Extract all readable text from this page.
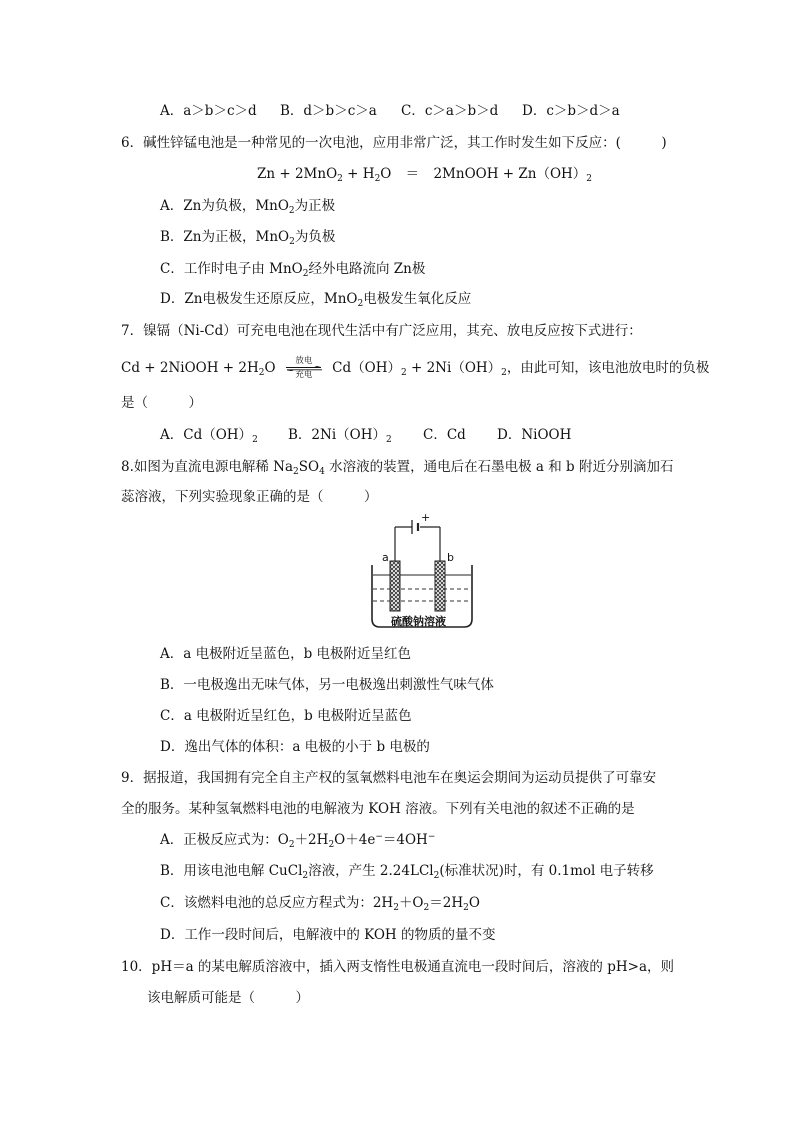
A．a＞b＞c＞d B．d＞b＞c＞a C．c＞a＞b＞d D．c＞b＞d＞a
6．碱性锌锰电池是一种常见的一次电池，应用非常广泛，其工作时发生如下反应：(　　　)
$Zn + 2MnO_2 + H_2O$ ＝ 2MnOOH + $Zn(OH)_2$
A．Zn为负极，MnO$_2$为正极
B．Zn为正极，MnO$_2$为负极
C．工作时电子由 MnO$_2$经外电路流向 Zn极
D．Zn电极发生还原反应，MnO$_2$电极发生氧化反应
7．镍镉（Ni-Cd）可充电电池在现代生活中有广泛应用，其充、放电反应按下式进行：
Cd + 2NiOOH + $2H_2O$	放电
充电	$Cd(OH)_2 + 2Ni(OH)_2$，由此可知，该电池放电时的负极
是（　　　）
A．$Cd(OH)_2$ B．$2Ni(OH)_2$ C．Cd D．NiOOH
8.如图为直流电源电解稀 $Na_2SO_4$ 水溶液的装置，通电后在石墨电极 a 和 b 附近分别滴加石
蕊溶液，下列实验现象正确的是（　　　）
+
a	b
硫酸钠溶液
A．a 电极附近呈蓝色，b 电极附近呈红色
B．一电极逸出无味气体，另一电极逸出刺激性气味气体
C．a 电极附近呈红色，b 电极附近呈蓝色
D．逸出气体的体积：a 电极的小于 b 电极的
9．据报道，我国拥有完全自主产权的氢氧燃料电池车在奥运会期间为运动员提供了可靠安
全的服务。某种氢氧燃料电池的电解液为 KOH 溶液。下列有关电池的叙述不正确的是
A．正极反应式为：$O_2+2H_2O+4e^-=4OH^-$
B．用该电池电解 CuCl$_2$溶液，产生 2.24LCl$_2$(标准状况)时，有 0.1mol 电子转移
C．该燃料电池的总反应方程式为：$2H_2+O_2=2H_2O$
D．工作一段时间后，电解液中的 KOH 的物质的量不变
10．pH＝a 的某电解质溶液中，插入两支惰性电极通直流电一段时间后，溶液的 pH>a，则
该电解质可能是（　　　）
